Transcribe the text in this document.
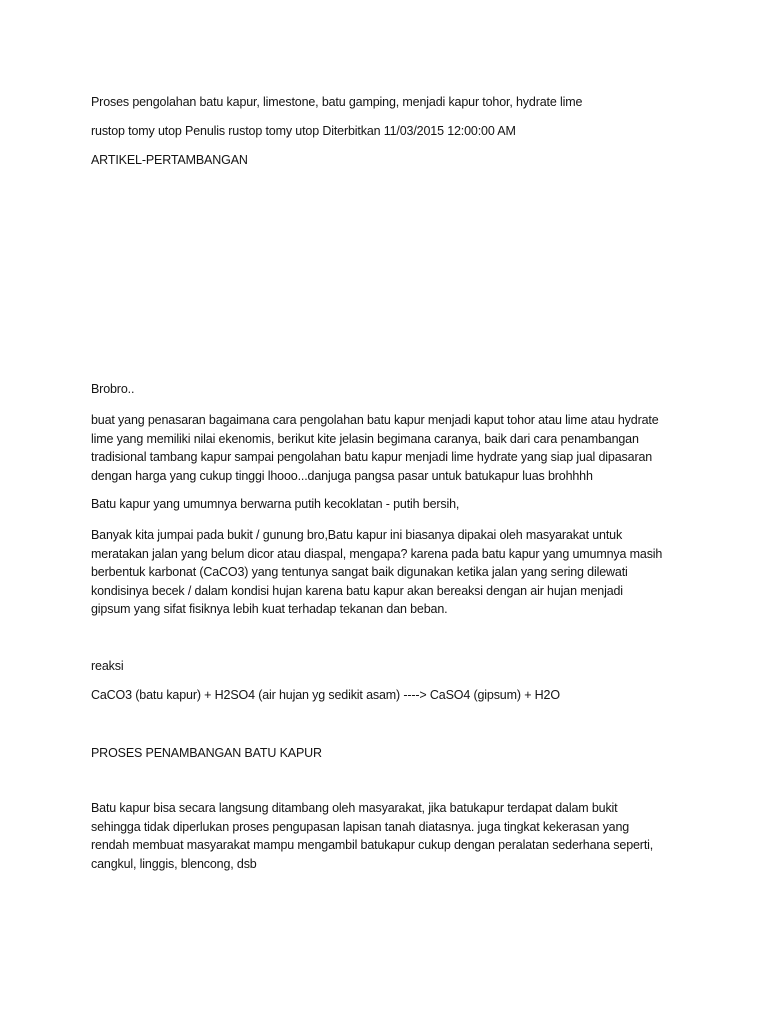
Proses pengolahan batu kapur, limestone, batu gamping, menjadi kapur tohor, hydrate lime
rustop tomy utop Penulis rustop tomy utop Diterbitkan 11/03/2015 12:00:00 AM
ARTIKEL-PERTAMBANGAN
Brobro..
buat yang penasaran bagaimana cara pengolahan batu kapur menjadi kaput tohor atau lime atau hydrate
lime yang memiliki nilai ekenomis, berikut kite jelasin begimana caranya, baik dari cara penambangan
tradisional tambang kapur sampai pengolahan batu kapur menjadi lime hydrate yang siap jual dipasaran
dengan harga yang cukup tinggi lhooo...danjuga pangsa pasar untuk batukapur luas brohhhh
Batu kapur yang umumnya berwarna putih kecoklatan - putih bersih,
Banyak kita jumpai pada bukit / gunung bro,Batu kapur ini biasanya dipakai oleh masyarakat untuk
meratakan jalan yang belum dicor atau diaspal, mengapa? karena pada batu kapur yang umumnya masih
berbentuk karbonat (CaCO3) yang tentunya sangat baik digunakan ketika jalan yang sering dilewati
kondisinya becek / dalam kondisi hujan karena batu kapur akan bereaksi dengan air hujan menjadi
gipsum yang sifat fisiknya lebih kuat terhadap tekanan dan beban.
reaksi
CaCO3 (batu kapur) + H2SO4 (air hujan yg sedikit asam) ----> CaSO4 (gipsum) + H2O
PROSES PENAMBANGAN BATU KAPUR
Batu kapur bisa secara langsung ditambang oleh masyarakat, jika batukapur terdapat dalam bukit
sehingga tidak diperlukan proses pengupasan lapisan tanah diatasnya. juga tingkat kekerasan yang
rendah membuat masyarakat mampu mengambil batukapur cukup dengan peralatan sederhana seperti,
cangkul, linggis, blencong, dsb
